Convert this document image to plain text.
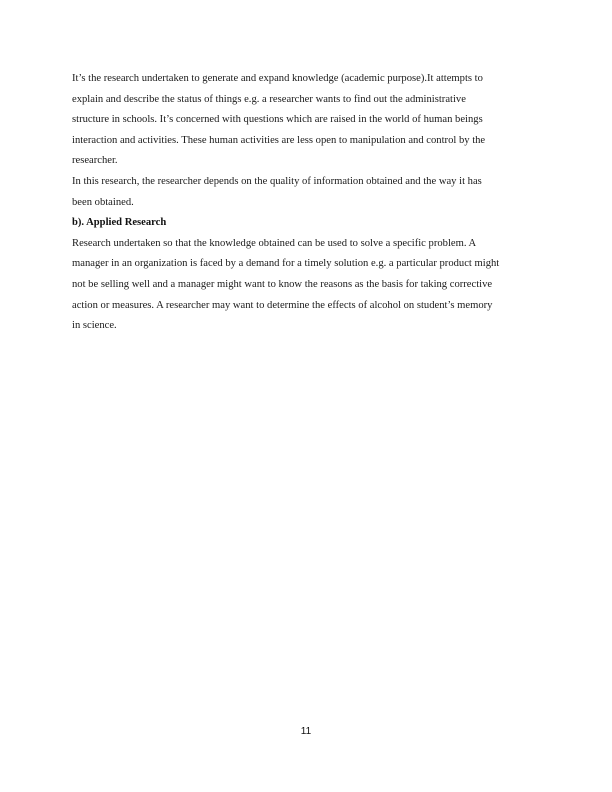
It’s the research undertaken to generate and expand knowledge (academic purpose).It attempts to
explain and describe the status of things e.g. a researcher wants to find out the administrative
structure in schools. It’s concerned with questions which are raised in the world of human beings
interaction and activities. These human activities are less open to manipulation and control by the
researcher.
In this research, the researcher depends on the quality of information obtained and the way it has
been obtained.
b). Applied Research
Research undertaken so that the knowledge obtained can be used to solve a specific problem. A
manager in an organization is faced by a demand for a timely solution e.g. a particular product might
not be selling well and a manager might want to know the reasons as the basis for taking corrective
action or measures. A researcher may want to determine the effects of alcohol on student’s memory
in science.
11
